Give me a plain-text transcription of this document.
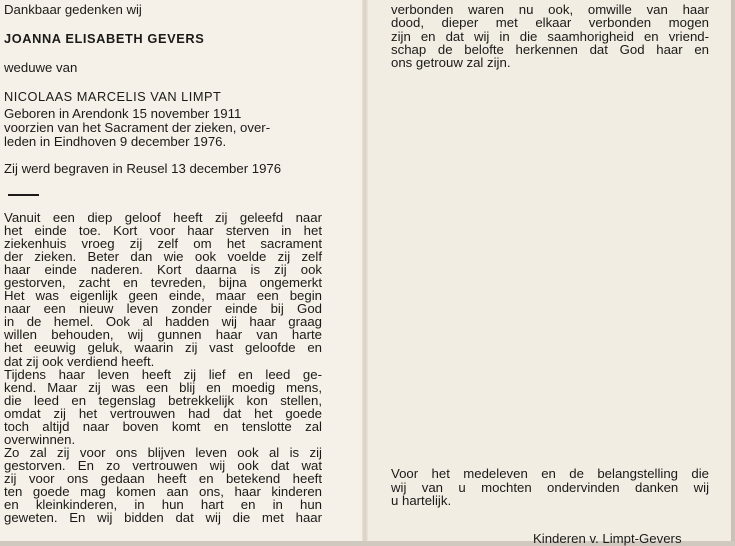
Dankbaar gedenken wij

JOANNA ELISABETH GEVERS

weduwe van

NICOLAAS MARCELIS VAN LIMPT

Geboren in Arendonk 15 november 1911

voorzien van het Sacrament der zieken, over-

leden in Eindhoven 9 december 1976.

Zij werd begraven in Reusel 13 december 1976

Vanuit een diep geloof heeft zij geleefd naar
het einde toe. Kort voor haar sterven in het
ziekenhuis vroeg zij zelf om het sacrament
der zieken. Beter dan wie ook voelde zij zelf
haar einde naderen. Kort daarna is zij ook
gestorven, zacht en tevreden, bijna ongemerkt
Het was eigenlijk geen einde, maar een begin
naar een nieuw leven zonder einde bij God
in de hemel. Ook al hadden wij haar graag
willen behouden, wij gunnen haar van harte
het eeuwig geluk, waarin zij vast geloofde en
dat zij ook verdiend heeft.
Tijdens haar leven heeft zij lief en leed ge-
kend. Maar zij was een blij en moedig mens,
die leed en tegenslag betrekkelijk kon stellen,
omdat zij het vertrouwen had dat het goede
toch altijd naar boven komt en tenslotte zal
overwinnen.
Zo zal zij voor ons blijven leven ook al is zij
gestorven. En zo vertrouwen wij ook dat wat
zij voor ons gedaan heeft en betekend heeft
ten goede mag komen aan ons, haar kinderen
en kleinkinderen, in hun hart en in hun
geweten. En wij bidden dat wij die met haar
verbonden waren nu ook, omwille van haar
dood, dieper met elkaar verbonden mogen
zijn en dat wij in die saamhorigheid en vriend-
schap de belofte herkennen dat God haar en
ons getrouw zal zijn.
Voor het medeleven en de belangstelling die
wij van u mochten ondervinden danken wij
u hartelijk.

Kinderen v. Limpt-Gevers
